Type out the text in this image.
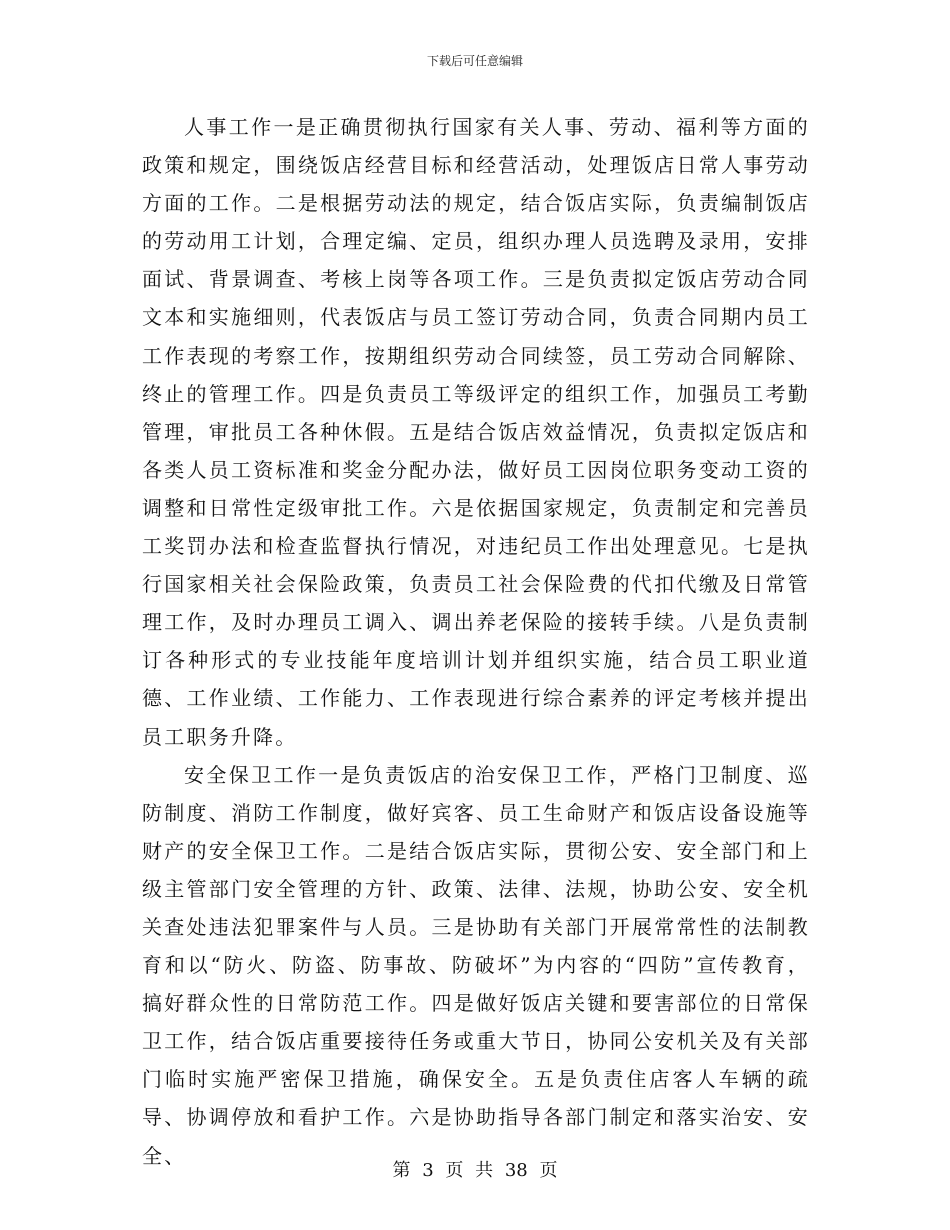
下载后可任意编辑

人事工作一是正确贯彻执行国家有关人事、劳动、福利等方面的政策和规定，围绕饭店经营目标和经营活动，处理饭店日常人事劳动方面的工作。二是根据劳动法的规定，结合饭店实际，负责编制饭店的劳动用工计划，合理定编、定员，组织办理人员选聘及录用，安排面试、背景调查、考核上岗等各项工作。三是负责拟定饭店劳动合同文本和实施细则，代表饭店与员工签订劳动合同，负责合同期内员工工作表现的考察工作，按期组织劳动合同续签，员工劳动合同解除、终止的管理工作。四是负责员工等级评定的组织工作，加强员工考勤管理，审批员工各种休假。五是结合饭店效益情况，负责拟定饭店和各类人员工资标准和奖金分配办法，做好员工因岗位职务变动工资的调整和日常性定级审批工作。六是依据国家规定，负责制定和完善员工奖罚办法和检查监督执行情况，对违纪员工作出处理意见。七是执行国家相关社会保险政策，负责员工社会保险费的代扣代缴及日常管理工作，及时办理员工调入、调出养老保险的接转手续。八是负责制订各种形式的专业技能年度培训计划并组织实施，结合员工职业道德、工作业绩、工作能力、工作表现进行综合素养的评定考核并提出员工职务升降。

安全保卫工作一是负责饭店的治安保卫工作，严格门卫制度、巡防制度、消防工作制度，做好宾客、员工生命财产和饭店设备设施等财产的安全保卫工作。二是结合饭店实际，贯彻公安、安全部门和上级主管部门安全管理的方针、政策、法律、法规，协助公安、安全机关查处违法犯罪案件与人员。三是协助有关部门开展常常性的法制教育和以“防火、防盗、防事故、防破坏”为内容的“四防”宣传教育，搞好群众性的日常防范工作。四是做好饭店关键和要害部位的日常保卫工作，结合饭店重要接待任务或重大节日，协同公安机关及有关部门临时实施严密保卫措施，确保安全。五是负责住店客人车辆的疏导、协调停放和看护工作。六是协助指导各部门制定和落实治安、安全、

第 3 页 共 38 页
